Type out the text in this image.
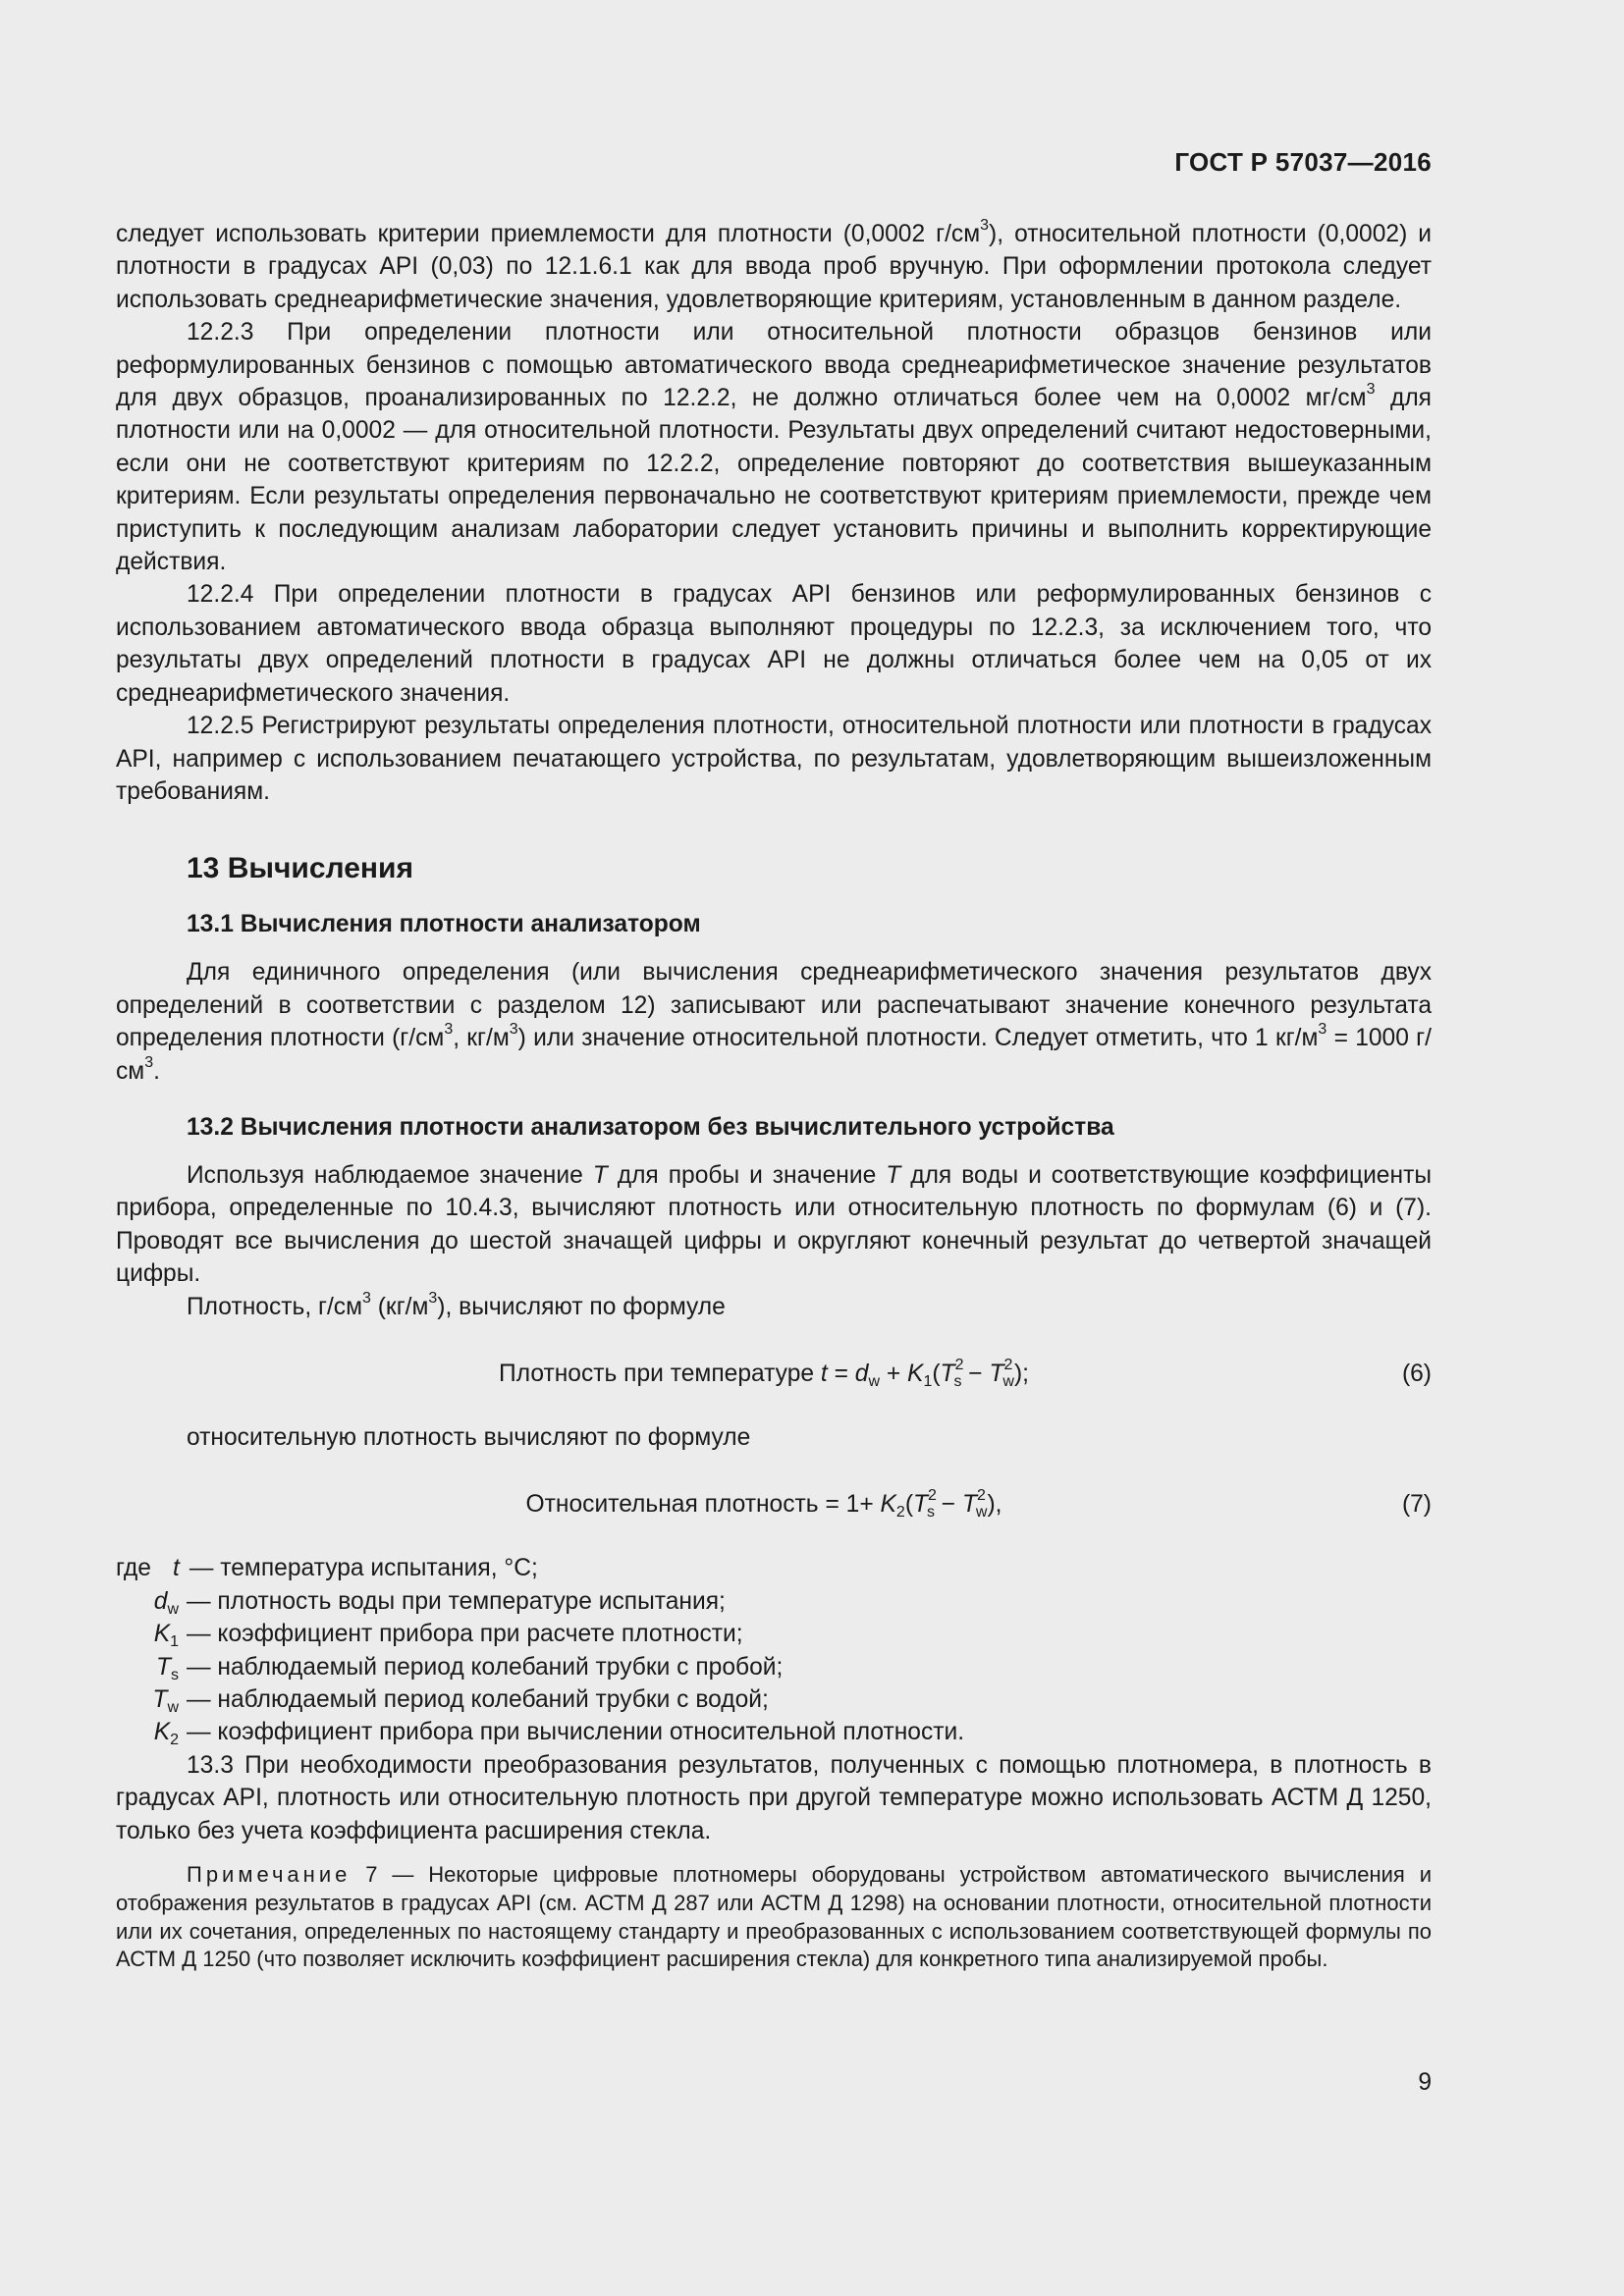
ГОСТ Р 57037—2016

следует использовать критерии приемлемости для плотности (0,0002 $г/см^3$), относительной плотности (0,0002) и плотности в градусах API (0,03) по 12.1.6.1 как для ввода проб вручную. При оформлении протокола следует использовать среднеарифметические значения, удовлетворяющие критериям, установленным в данном разделе.

12.2.3 При определении плотности или относительной плотности образцов бензинов или реформулированных бензинов с помощью автоматического ввода среднеарифметическое значение результатов для двух образцов, проанализированных по 12.2.2, не должно отличаться более чем на 0,0002 $мг/см^3$ для плотности или на 0,0002 — для относительной плотности. Результаты двух определений считают недостоверными, если они не соответствуют критериям по 12.2.2, определение повторяют до соответствия вышеуказанным критериям. Если результаты определения первоначально не соответствуют критериям приемлемости, прежде чем приступить к последующим анализам лаборатории следует установить причины и выполнить корректирующие действия.

12.2.4 При определении плотности в градусах API бензинов или реформулированных бензинов с использованием автоматического ввода образца выполняют процедуры по 12.2.3, за исключением того, что результаты двух определений плотности в градусах API не должны отличаться более чем на 0,05 от их среднеарифметического значения.

12.2.5 Регистрируют результаты определения плотности, относительной плотности или плотности в градусах API, например с использованием печатающего устройства, по результатам, удовлетворяющим вышеизложенным требованиям.

13 Вычисления
13.1 Вычисления плотности анализатором

Для единичного определения (или вычисления среднеарифметического значения результатов двух определений в соответствии с разделом 12) записывают или распечатывают значение конечного результата определения плотности ($г/см^3$, $кг/м^3$) или значение относительной плотности. Следует отметить, что 1 $кг/м^3 = 1000$ $г/см^3$.

13.2 Вычисления плотности анализатором без вычислительного устройства

Используя наблюдаемое значение T для пробы и значение T для воды и соответствующие коэффициенты прибора, определенные по 10.4.3, вычисляют плотность или относительную плотность по формулам (6) и (7). Проводят все вычисления до шестой значащей цифры и округляют конечный результат до четвертой значащей цифры.

Плотность, $г/см^3$ $(кг/м^3)$, вычисляют по формуле

Плотность при температуре $t = d_w + K_1(T^2_s - T^2_w)$;	(6)

относительную плотность вычисляют по формуле

Относительная плотность = $1+ K_2(T^2_s - T^2_w)$,	(7)
где t — температура испытания, °С;
$d_w$ — плотность воды при температуре испытания;
$K_1$ — коэффициент прибора при расчете плотности;
$T_s$ — наблюдаемый период колебаний трубки с пробой;
$T_w$ — наблюдаемый период колебаний трубки с водой;
$K_2$ — коэффициент прибора при вычислении относительной плотности.

13.3 При необходимости преобразования результатов, полученных с помощью плотномера, в плотность в градусах API, плотность или относительную плотность при другой температуре можно использовать АСТМ Д 1250, только без учета коэффициента расширения стекла.

Примечание 7 — Некоторые цифровые плотномеры оборудованы устройством автоматического вычисления и отображения результатов в градусах API (см. АСТМ Д 287 или АСТМ Д 1298) на основании плотности, относительной плотности или их сочетания, определенных по настоящему стандарту и преобразованных с использованием соответствующей формулы по АСТМ Д 1250 (что позволяет исключить коэффициент расширения стекла) для конкретного типа анализируемой пробы.

9
